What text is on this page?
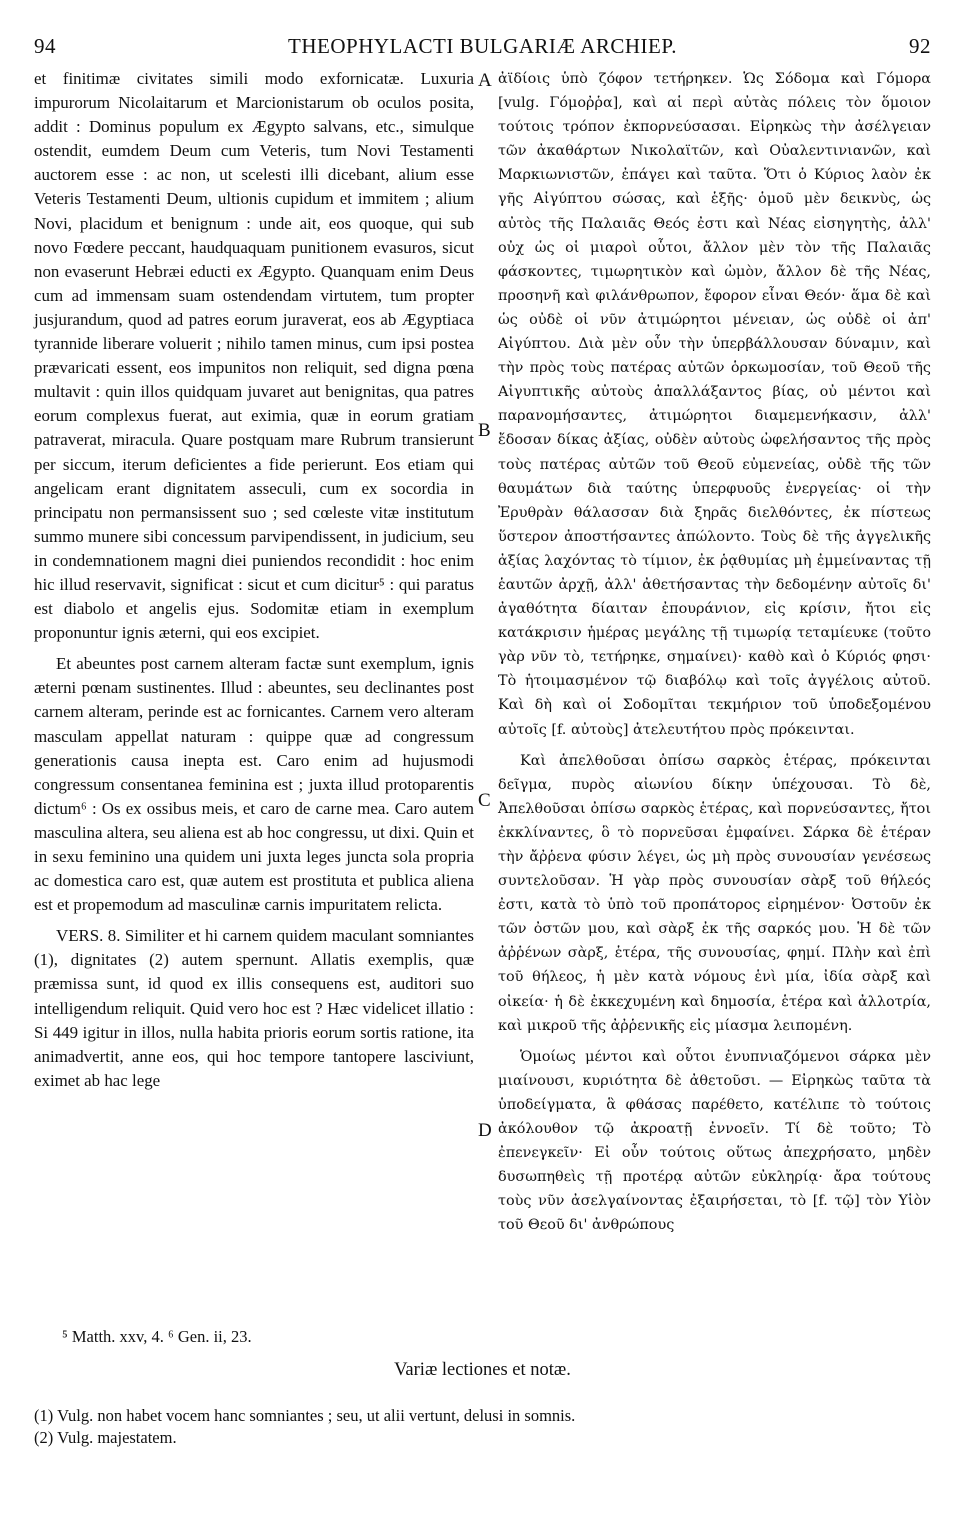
94	THEOPHYLACTI BULGARIÆ ARCHIEP.	92

et finitimæ civitates simili modo exfornicatæ. Luxuria impurorum Nicolaitarum et Marcionistarum ob oculos posita, addit : Dominus populum ex Ægypto salvans, etc., simulque ostendit, eumdem Deum cum Veteris, tum Novi Testamenti auctorem esse : ac non, ut scelesti illi dicebant, alium esse Veteris Testamenti Deum, ultionis cupidum et immitem ; alium Novi, placidum et benignum : unde ait, eos quoque, qui sub novo Fœdere peccant, haudquaquam punitionem evasuros, sicut non evaserunt Hebræi educti ex Ægypto. Quanquam enim Deus cum ad immensam suam ostendendam virtutem, tum propter jusjurandum, quod ad patres eorum juraverat, eos ab Ægyptiaca tyrannide liberare voluerit ; nihilo tamen minus, cum ipsi postea prævaricati essent, eos impunitos non reliquit, sed digna pœna multavit : quin illos quidquam juvaret aut benignitas, qua patres eorum complexus fuerat, aut eximia, quæ in eorum gratiam patraverat, miracula. Quare postquam mare Rubrum transierunt per siccum, iterum deficientes a fide perierunt. Eos etiam qui angelicam erant dignitatem asseculi, cum ex socordia in principatu non permansissent suo ; sed cœleste vitæ institutum summo munere sibi concessum parvipendissent, in judicium, seu in condemnationem magni diei puniendos recondidit : hoc enim hic illud reservavit, significat : sicut et cum dicitur⁵ : qui paratus est diabolo et angelis ejus. Sodomitæ etiam in exemplum proponuntur ignis æterni, qui eos excipiet.

Et abeuntes post carnem alteram factæ sunt exemplum, ignis æterni pœnam sustinentes. Illud : abeuntes, seu declinantes post carnem alteram, perinde est ac fornicantes. Carnem vero alteram masculam appellat naturam : quippe quæ ad congressum generationis causa inepta est. Caro enim ad hujusmodi congressum consentanea feminina est ; juxta illud protoparentis dictum⁶ : Os ex ossibus meis, et caro de carne mea. Caro autem masculina altera, seu aliena est ab hoc congressu, ut dixi. Quin et in sexu feminino una quidem uni juxta leges juncta sola propria ac domestica caro est, quæ autem est prostituta et publica aliena est et propemodum ad masculinæ carnis impuritatem relicta.

VERS. 8. Similiter et hi carnem quidem maculant somniantes (1), dignitates (2) autem spernunt. Allatis exemplis, quæ præmissa sunt, id quod ex illis consequens est, auditori suo intelligendum reliquit. Quid vero hoc est ? Hæc videlicet illatio : Si 449 igitur in illos, nulla habita prioris eorum sortis ratione, ita animadvertit, anne eos, qui hoc tempore tantopere lasciviunt, eximet ab hac lege

A
B
C
D

ἀϊδίοις ὑπὸ ζόφον τετήρηκεν. Ὡς Σόδομα καὶ Γόμορα [vulg. Γόμοῤῥα], καὶ αἱ περὶ αὐτὰς πόλεις τὸν ὅμοιον τούτοις τρόπον ἐκπορνεύσασαι. Εἰρηκὼς τὴν ἀσέλγειαν τῶν ἀκαθάρτων Νικολαϊτῶν, καὶ Οὐαλεντινιανῶν, καὶ Μαρκιωνιστῶν, ἐπάγει καὶ ταῦτα. Ὅτι ὁ Κύριος λαὸν ἐκ γῆς Αἰγύπτου σώσας, καὶ ἑξῆς· ὁμοῦ μὲν δεικνὺς, ὡς αὐτὸς τῆς Παλαιᾶς Θεός ἐστι καὶ Νέας εἰσηγητὴς, ἀλλ' οὐχ ὡς οἱ μιαροὶ οὗτοι, ἄλλον μὲν τὸν τῆς Παλαιᾶς φάσκοντες, τιμωρητικὸν καὶ ὠμὸν, ἄλλον δὲ τῆς Νέας, προσηνῆ καὶ φιλάνθρωπον, ἔφορον εἶναι Θεόν· ἅμα δὲ καὶ ὡς οὐδὲ οἱ νῦν ἀτιμώρητοι μένειαν, ὡς οὐδὲ οἱ ἀπ' Αἰγύπτου. Διὰ μὲν οὖν τὴν ὑπερβάλλουσαν δύναμιν, καὶ τὴν πρὸς τοὺς πατέρας αὐτῶν ὁρκωμοσίαν, τοῦ Θεοῦ τῆς Αἰγυπτικῆς αὐτοὺς ἀπαλλάξαντος βίας, οὐ μέντοι καὶ παρανομήσαντες, ἀτιμώρητοι διαμεμενήκασιν, ἀλλ' ἔδοσαν δίκας ἀξίας, οὐδὲν αὐτοὺς ὠφελήσαντος τῆς πρὸς τοὺς πατέρας αὐτῶν τοῦ Θεοῦ εὐμενείας, οὐδὲ τῆς τῶν θαυμάτων διὰ ταύτης ὑπερφυοῦς ἐνεργείας· οἱ τὴν Ἐρυθρὰν θάλασσαν διὰ ξηρᾶς διελθόντες, ἐκ πίστεως ὕστερον ἀποστήσαντες ἀπώλοντο. Τοὺς δὲ τῆς ἀγγελικῆς ἀξίας λαχόντας τὸ τίμιον, ἐκ ῥᾳθυμίας μὴ ἐμμείναντας τῇ ἑαυτῶν ἀρχῇ, ἀλλ' ἀθετήσαντας τὴν δεδομένην αὐτοῖς δι' ἀγαθότητα δίαιταν ἐπουράνιον, εἰς κρίσιν, ἤτοι εἰς κατάκρισιν ἡμέρας μεγάλης τῇ τιμωρίᾳ τεταμίευκε (τοῦτο γὰρ νῦν τὸ, τετήρηκε, σημαίνει)· καθὸ καὶ ὁ Κύριός φησι· Τὸ ἡτοιμασμένον τῷ διαβόλῳ καὶ τοῖς ἀγγέλοις αὐτοῦ. Καὶ δὴ καὶ οἱ Σοδομῖται τεκμήριον τοῦ ὑποδεξομένου αὐτοῖς [f. αὐτοὺς] ἀτελευτήτου πρὸς πρόκεινται.

Καὶ ἀπελθοῦσαι ὀπίσω σαρκὸς ἑτέρας, πρόκεινται δεῖγμα, πυρὸς αἰωνίου δίκην ὑπέχουσαι. Τὸ δὲ, Ἀπελθοῦσαι ὀπίσω σαρκὸς ἑτέρας, καὶ πορνεύσαντες, ἤτοι ἐκκλίναντες, ὃ τὸ πορνεῦσαι ἐμφαίνει. Σάρκα δὲ ἑτέραν τὴν ἄῤῥενα φύσιν λέγει, ὡς μὴ πρὸς συνουσίαν γενέσεως συντελοῦσαν. Ἡ γὰρ πρὸς συνουσίαν σὰρξ τοῦ θήλεός ἐστι, κατὰ τὸ ὑπὸ τοῦ προπάτορος εἰρημένον· Ὀστοῦν ἐκ τῶν ὀστῶν μου, καὶ σὰρξ ἐκ τῆς σαρκός μου. Ἡ δὲ τῶν ἀῤῥένων σὰρξ, ἑτέρα, τῆς συνουσίας, φημί. Πλὴν καὶ ἐπὶ τοῦ θήλεος, ἡ μὲν κατὰ νόμους ἑνὶ μία, ἰδία σὰρξ καὶ οἰκεία· ἡ δὲ ἐκκεχυμένη καὶ δημοσία, ἑτέρα καὶ ἀλλοτρία, καὶ μικροῦ τῆς ἀῤῥενικῆς εἰς μίασμα λειπομένη.

Ὁμοίως μέντοι καὶ οὗτοι ἐνυπνιαζόμενοι σάρκα μὲν μιαίνουσι, κυριότητα δὲ ἀθετοῦσι. — Εἰρηκὼς ταῦτα τὰ ὑποδείγματα, ἃ φθάσας παρέθετο, κατέλιπε τὸ τούτοις ἀκόλουθον τῷ ἀκροατῇ ἐννοεῖν. Τί δὲ τοῦτο; Τὸ ἐπενεγκεῖν· Εἰ οὖν τούτοις οὕτως ἀπεχρήσατο, μηδὲν δυσωπηθεὶς τῇ προτέρᾳ αὐτῶν εὐκληρίᾳ· ἄρα τούτους τοὺς νῦν ἀσελγαίνοντας ἐξαιρήσεται, τὸ [f. τῷ] τὸν Υἱὸν τοῦ Θεοῦ δι' ἀνθρώπους

⁵ Matth. xxv, 4. ⁶ Gen. ii, 23.
Variæ lectiones et notæ.

(1) Vulg. non habet vocem hanc somniantes ; seu, ut alii vertunt, delusi in somnis.

(2) Vulg. majestatem.
